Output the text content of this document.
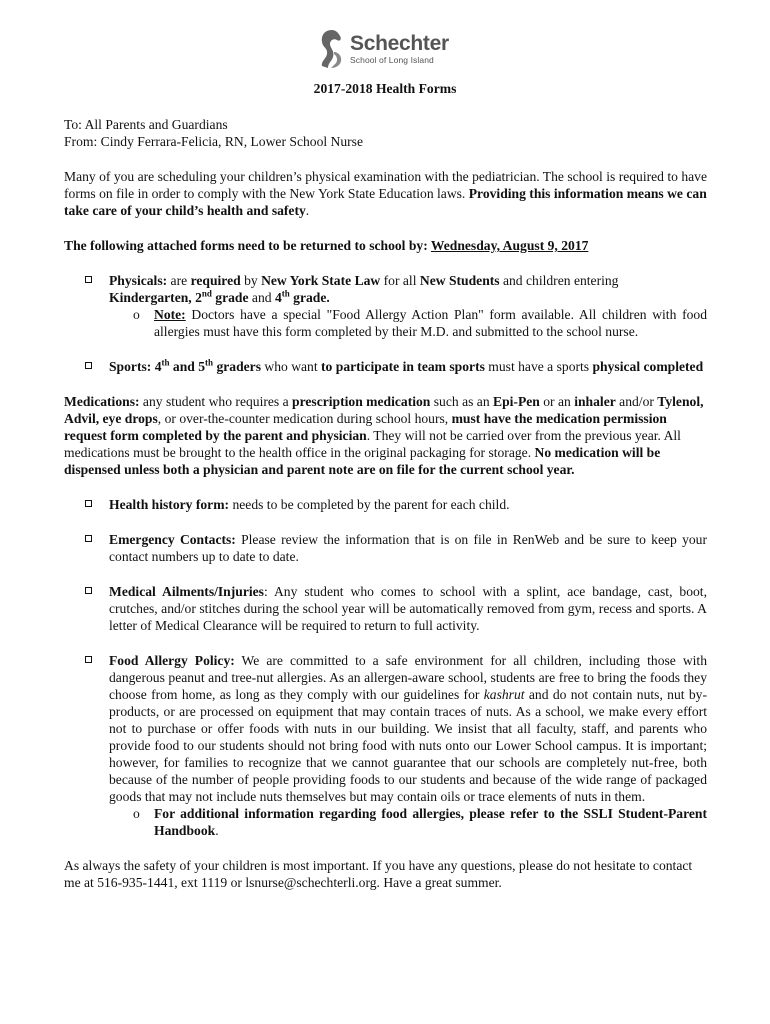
Schechter
School of Long Island
2017-2018 Health Forms

To: All Parents and Guardians

From: Cindy Ferrara-Felicia, RN, Lower School Nurse

Many of you are scheduling your children’s physical examination with the pediatrician. The school is required to have forms on file in order to comply with the New York State Education laws. Providing this information means we can take care of your child’s health and safety.

The following attached forms need to be returned to school by: Wednesday, August 9, 2017

Physicals: are required by New York State Law for all New Students and children entering
Kindergarten, 2nd grade and 4th grade.
o Note: Doctors have a special "Food Allergy Action Plan" form available. All children with food allergies must have this form completed by their M.D. and submitted to the school nurse.
Sports: 4th and 5th graders who want to participate in team sports must have a sports physical completed

Medications: any student who requires a prescription medication such as an Epi-Pen or an inhaler and/or Tylenol, Advil, eye drops, or over-the-counter medication during school hours, must have the medication permission request form completed by the parent and physician. They will not be carried over from the previous year. All medications must be brought to the health office in the original packaging for storage. No medication will be dispensed unless both a physician and parent note are on file for the current school year.

Health history form: needs to be completed by the parent for each child.
Emergency Contacts: Please review the information that is on file in RenWeb and be sure to keep your contact numbers up to date to date.
Medical Ailments/Injuries: Any student who comes to school with a splint, ace bandage, cast, boot, crutches, and/or stitches during the school year will be automatically removed from gym, recess and sports. A letter of Medical Clearance will be required to return to full activity.
Food Allergy Policy: We are committed to a safe environment for all children, including those with dangerous peanut and tree-nut allergies. As an allergen-aware school, students are free to bring the foods they choose from home, as long as they comply with our guidelines for kashrut and do not contain nuts, nut by-products, or are processed on equipment that may contain traces of nuts. As a school, we make every effort not to purchase or offer foods with nuts in our building. We insist that all faculty, staff, and parents who provide food to our students should not bring food with nuts onto our Lower School campus. It is important; however, for families to recognize that we cannot guarantee that our schools are completely nut-free, both because of the number of people providing foods to our students and because of the wide range of packaged goods that may not include nuts themselves but may contain oils or trace elements of nuts in them.
o For additional information regarding food allergies, please refer to the SSLI Student-Parent Handbook.

As always the safety of your children is most important. If you have any questions, please do not hesitate to contact me at 516-935-1441, ext 1119 or lsnurse@schechterli.org. Have a great summer.
